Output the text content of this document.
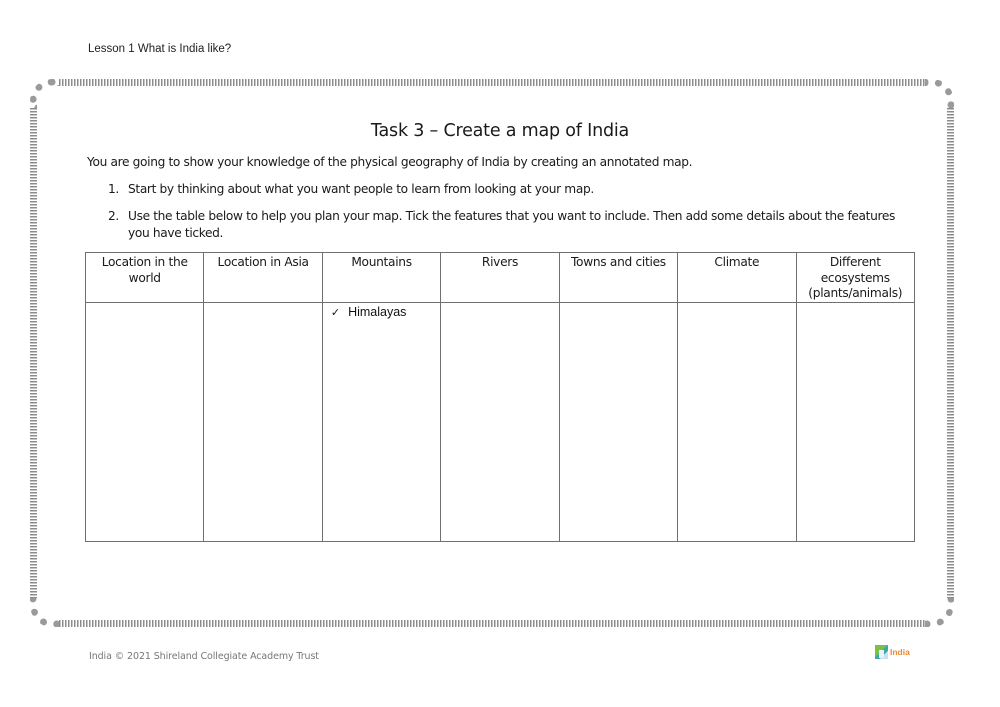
Lesson 1 What is India like?
Task 3 – Create a map of India
You are going to show your knowledge of the physical geography of India by creating an annotated map.
1. Start by thinking about what you want people to learn from looking at your map.
2. Use the table below to help you plan your map. Tick the features that you want to include. Then add some details about the features you have ticked.
Location in the world	Location in Asia	Mountains	Rivers	Towns and cities	Climate	Different ecosystems (plants/animals)

		✓ Himalayas				

India © 2021 Shireland Collegiate Academy Trust	India
